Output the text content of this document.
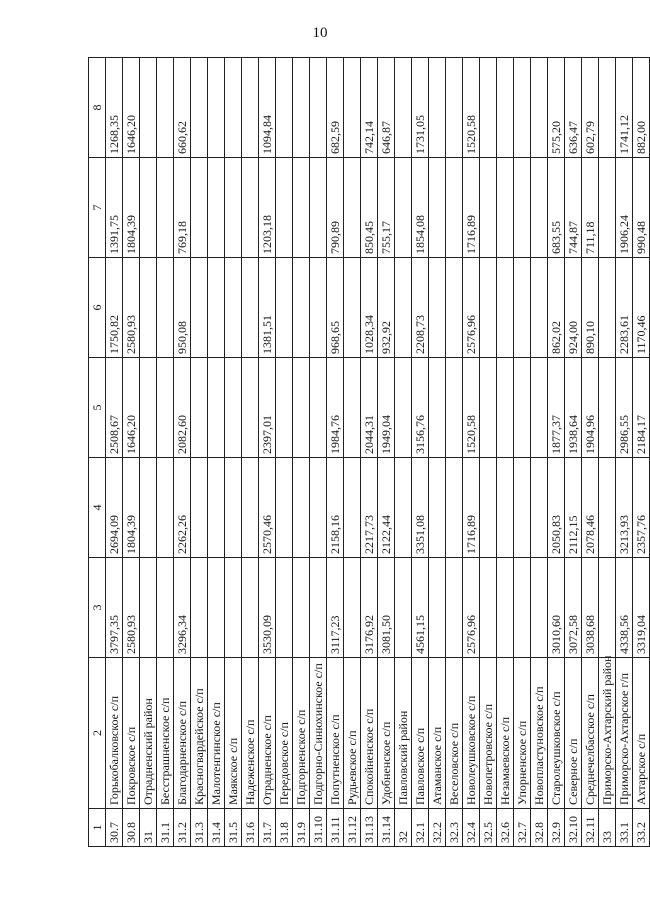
10
1	2	3	4	5	6	7	8
30.7	Горькобалковское с/п	3797,35	2694,09	2508,67	1750,82	1391,75	1268,35
30.8	Покровское с/п	2580,93	1804,39	1646,20	2580,93	1804,39	1646,20
31	Отрадненский район						
31.1	Бесстрашненское с/п						
31.2	Благодарненское с/п	3296,34	2262,26	2082,60	950,08	769,18	660,62
31.3	Красногвардейское с/п						
31.4	Малотенгинское с/п						
31.5	Маякское с/п						
31.6	Надеженское с/п						
31.7	Отрадненское с/п	3530,09	2570,46	2397,01	1381,51	1203,18	1094,84
31.8	Передовское с/п						
31.9	Подгорненское с/п						
31.10	Подгорно-Синюхинское с/п						
31.11	Попутненское с/п	3117,23	2158,16	1984,76	968,65	790,89	682,59
31.12	Рудьевское с/п						
31.13	Спокойненское с/п	3176,92	2217,73	2044,31	1028,34	850,45	742,14
31.14	Удобненское с/п	3081,50	2122,44	1949,04	932,92	755,17	646,87
32	Павловский район						
32.1	Павловское с/п	4561,15	3351,08	3156,76	2208,73	1854,08	1731,05
32.2	Атаманское с/п						
32.3	Веселовское с/п						
32.4	Новолеушковское с/п	2576,96	1716,89	1520,58	2576,96	1716,89	1520,58
32.5	Новопетровское с/п						
32.6	Незамаевское с/п						
32.7	Упорненское с/п						
32.8	Новопластуновское с/п						
32.9	Старолеушковское с/п	3010,60	2050,83	1877,37	862,02	683,55	575,20
32.10	Северное с/п	3072,58	2112,15	1938,64	924,00	744,87	636,47
32.11	Среднечелбасское с/п	3038,68	2078,46	1904,96	890,10	711,18	602,79
33	Приморско-Ахтарский район						
33.1	Приморско-Ахтарское г/п	4338,56	3213,93	2986,55	2283,61	1906,24	1741,12
33.2	Ахтарское с/п	3319,04	2357,76	2184,17	1170,46	990,48	882,00
